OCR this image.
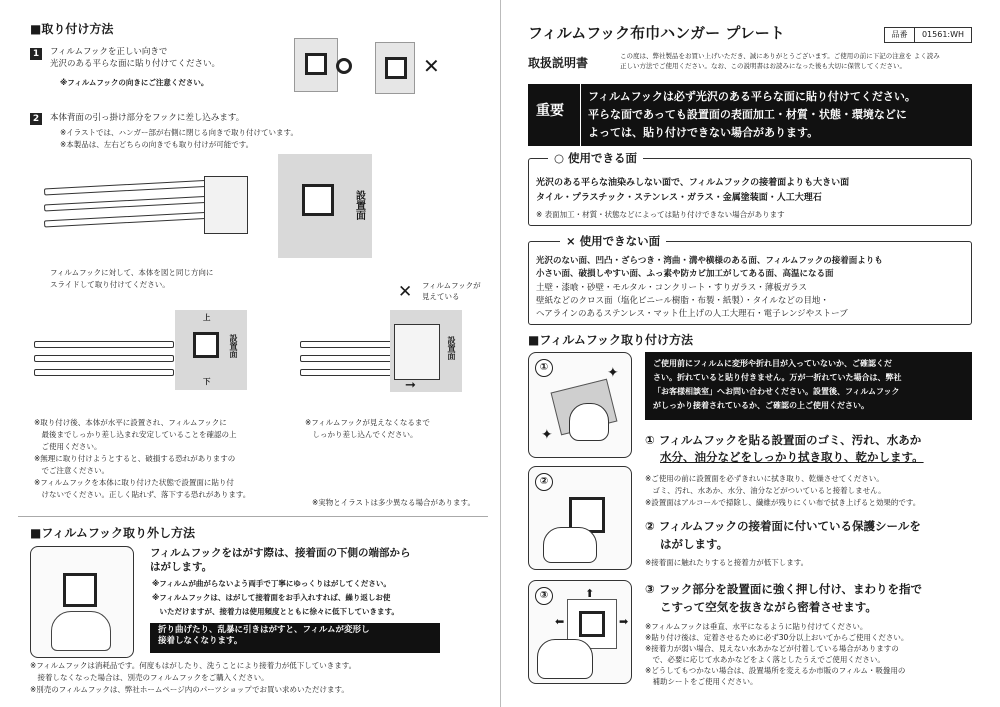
■取り付け方法
1	フィルムフックを正しい向きで
光沢のある平らな面に貼り付けてください。
※フィルムフックの向きにご注意ください。
✕
2	本体背面の引っ掛け部分をフックに差し込みます。
※イラストでは、ハンガー部が右側に閉じる向きで取り付けています。
※本製品は、左右どちらの向きでも取り付けが可能です。
設置面
フィルムフックに対して、本体を図と同じ方向に
スライドして取り付けてください。
上
下
設置面
✕ フィルムフックが
見えている
設置面
➞
※取り付け後、本体が水平に設置され、フィルムフックに
　最後までしっかり差し込まれ安定していることを確認の上
　ご使用ください。
※無理に取り付けようとすると、破損する恐れがありますの
　でご注意ください。
※フィルムフックを本体に取り付けた状態で設置面に貼り付
　けないでください。正しく貼れず、落下する恐れがあります。
※フィルムフックが見えなくなるまで
　しっかり差し込んでください。
※実物とイラストは多少異なる場合があります。
■フィルムフック取り外し方法
フィルムフックをはがす際は、接着面の下側の端部から
はがします。
※フィルムが曲がらないよう両手で丁寧にゆっくりはがしてください。
※フィルムフックは、はがして接着面をお手入れすれば、繰り返しお使
　いただけますが、接着力は使用頻度とともに徐々に低下していきます。
折り曲げたり、乱暴に引きはがすと、フィルムが変形し
接着しなくなります。
※フィルムフックは消耗品です。何度もはがしたり、洗うことにより接着力が低下していきます。
　接着しなくなった場合は、別売のフィルムフックをご購入ください。
※別売のフィルムフックは、弊社ホームページ内のパーツショップでお買い求めいただけます。
フィルムフック布巾ハンガー プレート	品番	01561:WH
取扱説明書	この度は、弊社製品をお買い上げいただき、誠にありがとうございます。ご使用の前に下記の注意を よく読み
正しい方法でご使用ください。なお、この説明書はお読みになった後も大切に保管してください。
重要
フィルムフックは必ず光沢のある平らな面に貼り付けてください。
平らな面であっても設置面の表面加工・材質・状態・環境などに
よっては、貼り付けできない場合があります。
○ 使用できる面
光沢のある平らな油染みしない面で、フィルムフックの接着面よりも大きい面
タイル・プラスチック・ステンレス・ガラス・金属塗装面・人工大理石
※ 表面加工・材質・状態などによっては貼り付けできない場合があります
× 使用できない面
光沢のない面、凹凸・ざらつき・湾曲・溝や横様のある面、フィルムフックの接着面よりも
小さい面、破損しやすい面、ふっ素や防カビ加工がしてある面、高温になる面
土壁・漆喰・砂壁・モルタル・コンクリート・すりガラス・薄板ガラス
壁紙などのクロス面（塩化ビニール樹脂・布製・紙製）・タイルなどの目地・
ヘアラインのあるステンレス・マット仕上げの人工大理石・電子レンジやストーブ
■フィルムフック取り付け方法
①	✦
✦
ご使用前にフィルムに変形や折れ目が入っていないか、ご確認くだ
さい。折れていると貼り付きません。万が一折れていた場合は、弊社
「お客様相談室」へお問い合わせください。設置後、フィルムフック
がしっかり接着されているか、ご確認の上ご使用ください。
① フィルムフックを貼る設置面のゴミ、汚れ、水あか
水分、油分などをしっかり拭き取り、乾かします。
②	※ご使用の前に設置面を必ずきれいに拭き取り、乾燥させてください。
　ゴミ、汚れ、水あか、水分、油分などがついていると接着しません。
※設置面はアルコールで掃除し、繊維が残りにくい布で拭き上げると効果的です。
② フィルムフックの接着面に付いている保護シールを
はがします。
※接着面に触れたりすると接着力が低下します。
③	⬆
➡
⬅
③ フック部分を設置面に強く押し付け、まわりを指で
こすって空気を抜きながら密着させます。
※フィルムフックは垂直、水平になるように貼り付けてください。
※貼り付け後は、定着させるために必ず30分以上おいてからご使用ください。
※接着力が弱い場合、見えない水あかなどが付着している場合がありますの
　で、必要に応じて水あかなどをよく落としたうえでご使用ください。
※どうしてもつかない場合は、設置場所を変えるか市販のフィルム・吸盤用の
　補助シートをご使用ください。
